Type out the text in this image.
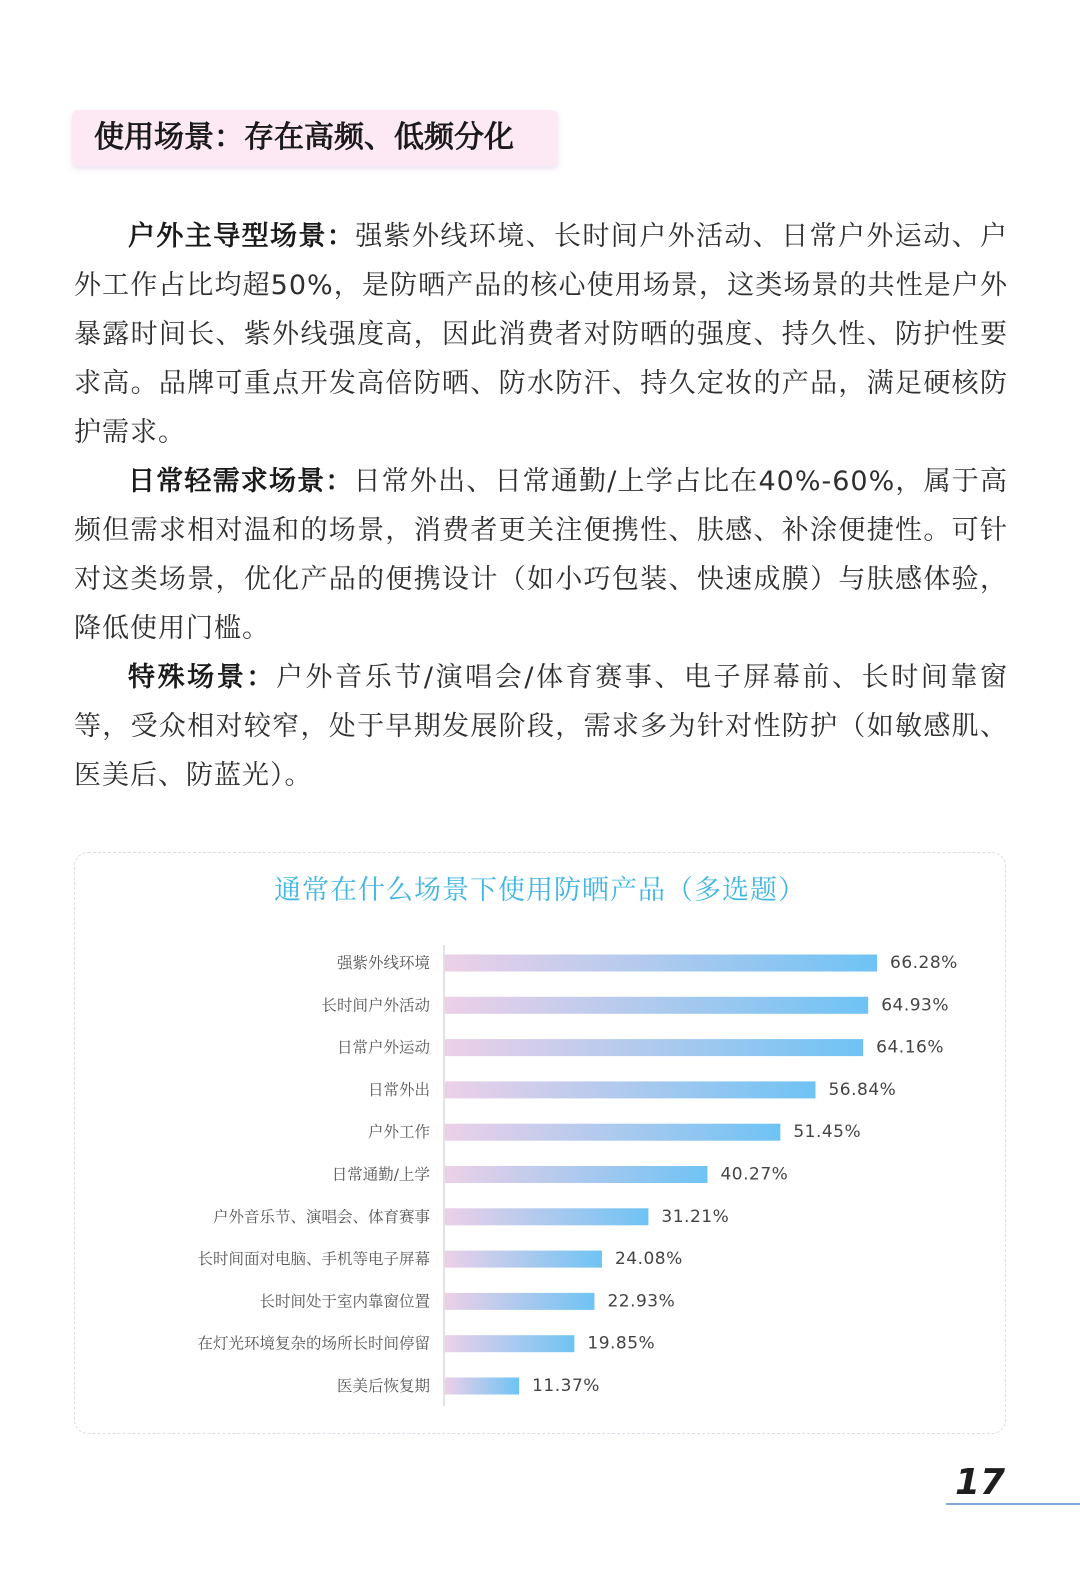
使用场景：存在高频、低频分化

户外主导型场景：强紫外线环境、长时间户外活动、日常户外运动、户外工作占比均超50%，是防晒产品的核心使用场景，这类场景的共性是户外暴露时间长、紫外线强度高，因此消费者对防晒的强度、持久性、防护性要求高。品牌可重点开发高倍防晒、防水防汗、持久定妆的产品，满足硬核防护需求。

日常轻需求场景：日常外出、日常通勤/上学占比在40%-60%，属于高频但需求相对温和的场景，消费者更关注便携性、肤感、补涂便捷性。可针对这类场景，优化产品的便携设计（如小巧包装、快速成膜）与肤感体验，降低使用门槛。

特殊场景：户外音乐节/演唱会/体育赛事、电子屏幕前、长时间靠窗等，受众相对较窄，处于早期发展阶段，需求多为针对性防护（如敏感肌、医美后、防蓝光）。

通常在什么场景下使用防晒产品（多选题）
强紫外线环境	66.28%
长时间户外活动	64.93%
日常户外运动	64.16%
日常外出	56.84%
户外工作	51.45%
日常通勤/上学	40.27%
户外音乐节、演唱会、体育赛事	31.21%
长时间面对电脑、手机等电子屏幕	24.08%
长时间处于室内靠窗位置	22.93%
在灯光环境复杂的场所长时间停留	19.85%
医美后恢复期	11.37%
17
